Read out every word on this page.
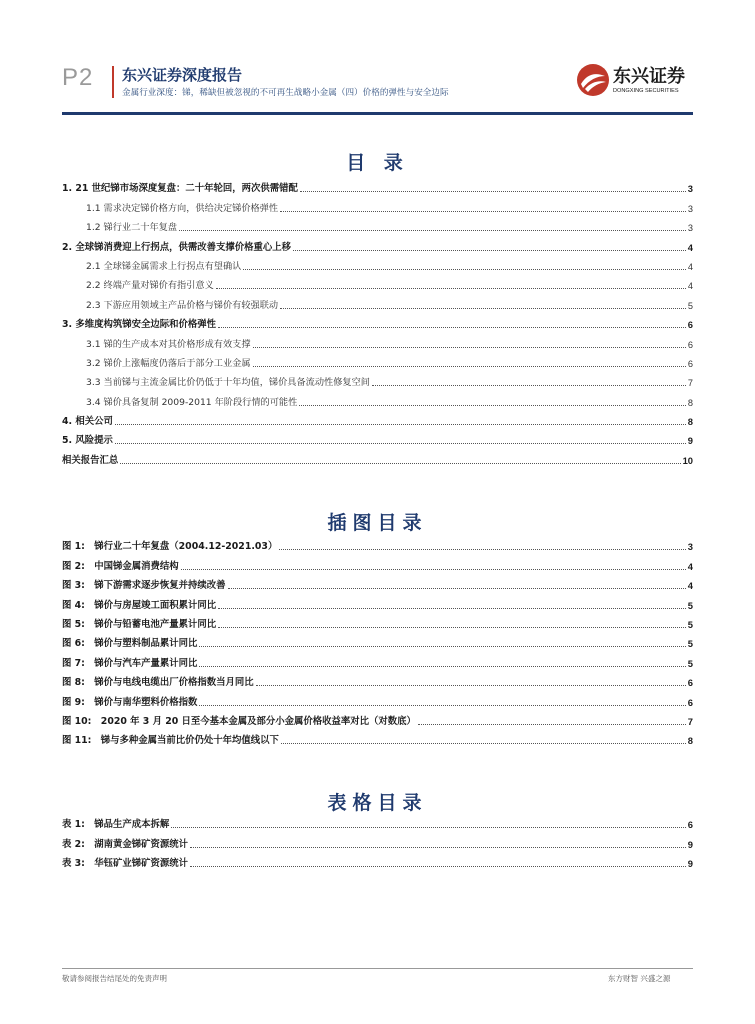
P2 东兴证券深度报告
金属行业深度：锑，稀缺但被忽视的不可再生战略小金属（四）价格的弹性与安全边际
东兴证券
DONGXING SECURITIES
目 录
1. 21 世纪锑市场深度复盘：二十年轮回，两次供需错配	3
1.1 需求决定锑价格方向，供给决定锑价格弹性	3
1.2 锑行业二十年复盘	3
2. 全球锑消费迎上行拐点，供需改善支撑价格重心上移	4
2.1 全球锑金属需求上行拐点有望确认	4
2.2 终端产量对锑价有指引意义	4
2.3 下游应用领域主产品价格与锑价有较强联动	5
3. 多维度构筑锑安全边际和价格弹性	6
3.1 锑的生产成本对其价格形成有效支撑	6
3.2 锑价上涨幅度仍落后于部分工业金属	6
3.3 当前锑与主流金属比价仍低于十年均值，锑价具备流动性修复空间	7
3.4 锑价具备复制 2009-2011 年阶段行情的可能性	8
4. 相关公司	8
5. 风险提示	9
相关报告汇总	10
插图目录
图 1:　锑行业二十年复盘（2004.12-2021.03）	3
图 2:　中国锑金属消费结构	4
图 3:　锑下游需求逐步恢复并持续改善	4
图 4:　锑价与房屋竣工面积累计同比	5
图 5:　锑价与铅蓄电池产量累计同比	5
图 6:　锑价与塑料制品累计同比	5
图 7:　锑价与汽车产量累计同比	5
图 8:　锑价与电线电缆出厂价格指数当月同比	6
图 9:　锑价与南华塑料价格指数	6
图 10:　2020 年 3 月 20 日至今基本金属及部分小金属价格收益率对比（对数底）	7
图 11:　锑与多种金属当前比价仍处十年均值线以下	8
表格目录
表 1:　锑品生产成本拆解	6
表 2:　湖南黄金锑矿资源统计	9
表 3:　华钰矿业锑矿资源统计	9
敬请参阅报告结尾处的免责声明	东方财智 兴盛之源
